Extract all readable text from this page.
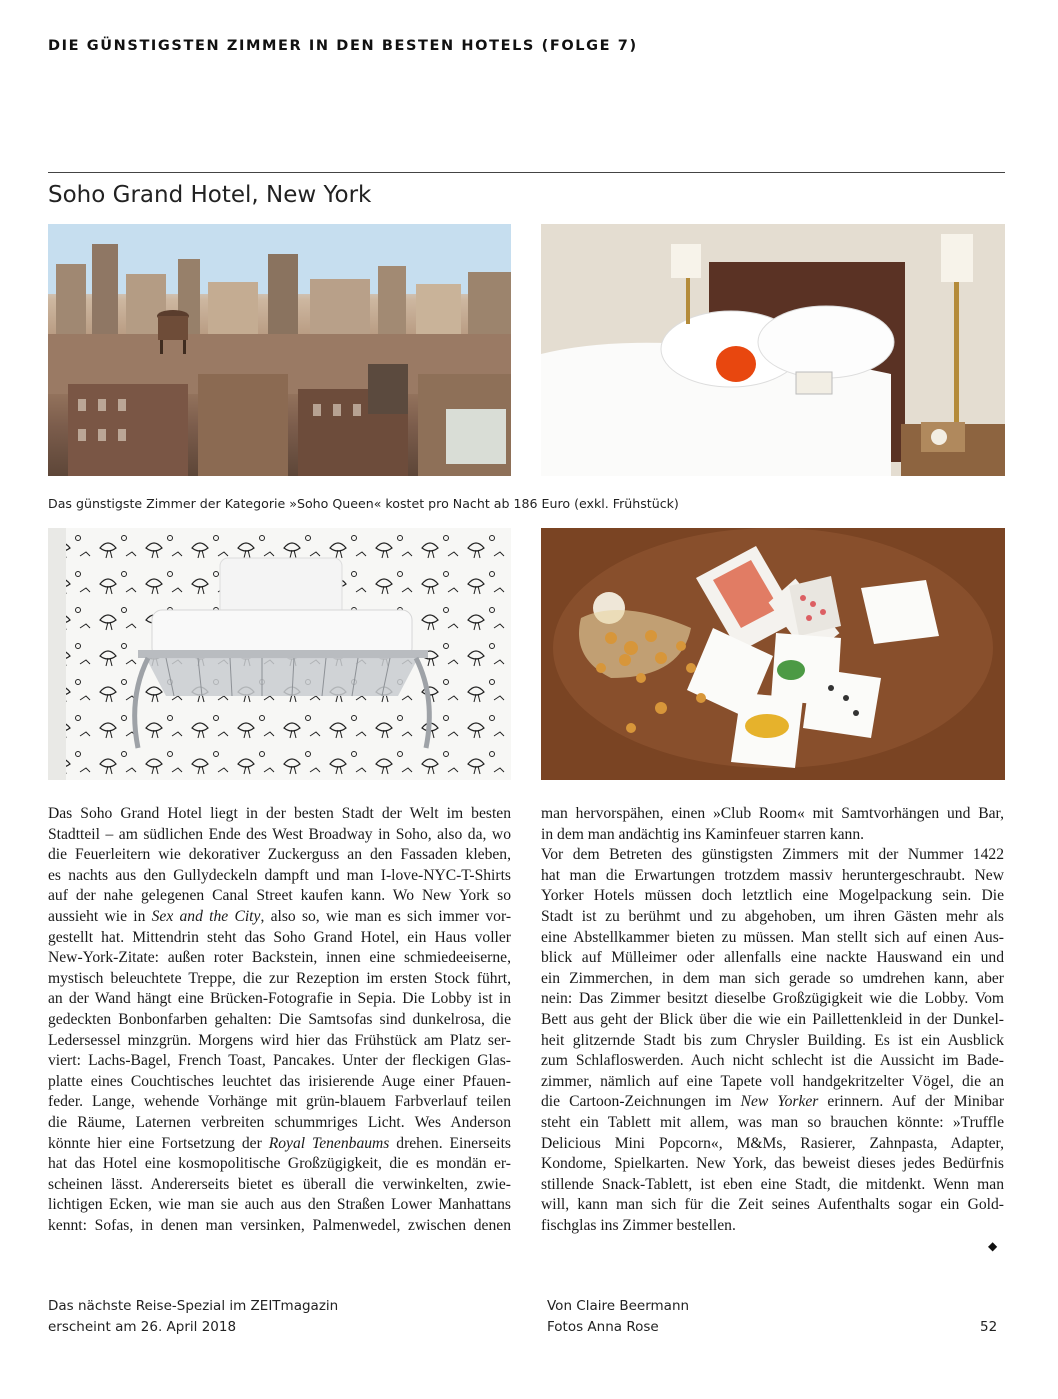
DIE GÜNSTIGSTEN ZIMMER IN DEN BESTEN HOTELS (FOLGE 7)
Soho Grand Hotel, New York
Das günstigste Zimmer der Kategorie »Soho Queen« kostet pro Nacht ab 186 Euro (exkl. Frühstück)
Das Soho Grand Hotel liegt in der besten Stadt der Welt im besten
Stadtteil – am südlichen Ende des West Broadway in Soho, also da, wo
die Feuerleitern wie dekorativer Zuckerguss an den Fassaden kleben,
es nachts aus den Gullydeckeln dampft und man I-love-NYC-T-Shirts
auf der nahe gelegenen Canal Street kaufen kann. Wo New York so
aussieht wie in Sex and the City, also so, wie man es sich immer vor-
gestellt hat. Mittendrin steht das Soho Grand Hotel, ein Haus voller
New-York-Zitate: außen roter Backstein, innen eine schmiedeeiserne,
mystisch beleuchtete Treppe, die zur Rezeption im ersten Stock führt,
an der Wand hängt eine Brücken-Fotografie in Sepia. Die Lobby ist in
gedeckten Bonbonfarben gehalten: Die Samtsofas sind dunkelrosa, die
Ledersessel minzgrün. Morgens wird hier das Frühstück am Platz ser-
viert: Lachs-Bagel, French Toast, Pancakes. Unter der fleckigen Glas-
platte eines Couchtisches leuchtet das irisierende Auge einer Pfauen-
feder. Lange, wehende Vorhänge mit grün-blauem Farbverlauf teilen
die Räume, Laternen verbreiten schummriges Licht. Wes Anderson
könnte hier eine Fortsetzung der Royal Tenenbaums drehen. Einerseits
hat das Hotel eine kosmopolitische Großzügigkeit, die es mondän er-
scheinen lässt. Andererseits bietet es überall die verwinkelten, zwie-
lichtigen Ecken, wie man sie auch aus den Straßen Lower Manhattans
kennt: Sofas, in denen man versinken, Palmenwedel, zwischen denen
man hervorspähen, einen »Club Room« mit Samtvorhängen und Bar,
in dem man andächtig ins Kaminfeuer starren kann.
Vor dem Betreten des günstigsten Zimmers mit der Nummer 1422
hat man die Erwartungen trotzdem massiv heruntergeschraubt. New
Yorker Hotels müssen doch letztlich eine Mogelpackung sein. Die
Stadt ist zu berühmt und zu abgehoben, um ihren Gästen mehr als
eine Abstellkammer bieten zu müssen. Man stellt sich auf einen Aus-
blick auf Mülleimer oder allenfalls eine nackte Hauswand ein und
ein Zimmerchen, in dem man sich gerade so umdrehen kann, aber
nein: Das Zimmer besitzt dieselbe Großzügigkeit wie die Lobby. Vom
Bett aus geht der Blick über die wie ein Paillettenkleid in der Dunkel-
heit glitzernde Stadt bis zum Chrysler Building. Es ist ein Ausblick
zum Schlafloswerden. Auch nicht schlecht ist die Aussicht im Bade-
zimmer, nämlich auf eine Tapete voll handgekritzelter Vögel, die an
die Cartoon-Zeichnungen im New Yorker erinnern. Auf der Minibar
steht ein Tablett mit allem, was man so brauchen könnte: »Truffle
Delicious Mini Popcorn«, M&Ms, Rasierer, Zahnpasta, Adapter,
Kondome, Spielkarten. New York, das beweist dieses jedes Bedürfnis
stillende Snack-Tablett, ist eben eine Stadt, die mitdenkt. Wenn man
will, kann man sich für die Zeit seines Aufenthalts sogar ein Gold-
fischglas ins Zimmer bestellen.
◆
Das nächste Reise-Spezial im ZEITmagazin
erscheint am 26. April 2018
Von Claire Beermann
Fotos Anna Rose	52
